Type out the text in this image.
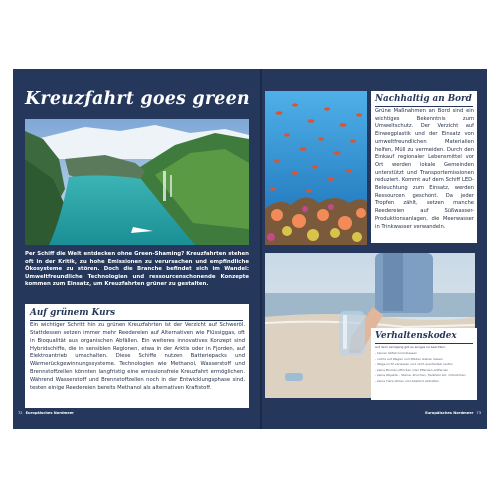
Kreuzfahrt goes green

Per Schiff die Welt entdecken ohne Green-Shaming? Kreuzfahrten stehen oft in der Kritik, zu hohe Emissionen zu verursachen und empfindliche Ökosysteme zu stören. Doch die Branche befindet sich im Wandel: Umweltfreundliche Technologien und ressourcenschonende Konzepte kommen zum Einsatz, um Kreuzfahrten grüner zu gestalten.

Auf grünem Kurs

Ein wichtiger Schritt hin zu grünen Kreuzfahrten ist der Verzicht auf Schweröl. Stattdessen setzen immer mehr Reedereien auf Alternativen wie Flüssiggas, oft in Bioqualität aus organischen Abfällen. Ein weiteres innovatives Konzept sind Hybridschiffe, die in sensiblen Regionen, etwa in der Arktis oder in Fjorden, auf Elektroantrieb umschalten. Diese Schiffe nutzen Batteriepacks und Wärmerückgewinnungssysteme. Technologien wie Methanol, Wasserstoff und Brennstoffzellen könnten langfristig eine emissionsfreie Kreuzfahrt ermöglichen. Während Wasserstoff und Brennstoffzellen noch in der Entwicklungsphase sind, testen einige Reedereien bereits Methanol als alternativen Kraftstoff.

Nachhaltig an Bord

Grüne Maßnahmen an Bord sind ein wichtiges Bekenntnis zum Umweltschutz. Der Verzicht auf Einwegplastik und der Einsatz von umweltfreundlichen Materialien helfen, Müll zu vermeiden. Durch den Einkauf regionaler Lebensmittel vor Ort werden lokale Gemeinden unterstützt und Transportemissionen reduziert. Kommt auf dem Schiff LED-Beleuchtung zum Einsatz, werden Ressourcen geschont. Da jeder Tropfen zählt, setzen manche Reedereien auf Süßwasser-Produktionsanlagen, die Meerwasser in Trinkwasser verwandeln.

Verhaltenskodex

Auf dem Landgang gilt es einiges zu beachten:

- keinen Abfall zurücklassen
- nichts auf Wegen und Pfaden stehen lassen
- Wege nicht verlassen und nicht querfeldein laufen
- keine Blumen pflücken oder Pflanzen entfernen
- keine Objekte – Steine, Knochen, Treibholz etc. mitnehmen
- keine Tiere stören und Abstand einhalten
72 Europäisches Nordmeer	Europäisches Nordmeer 73
